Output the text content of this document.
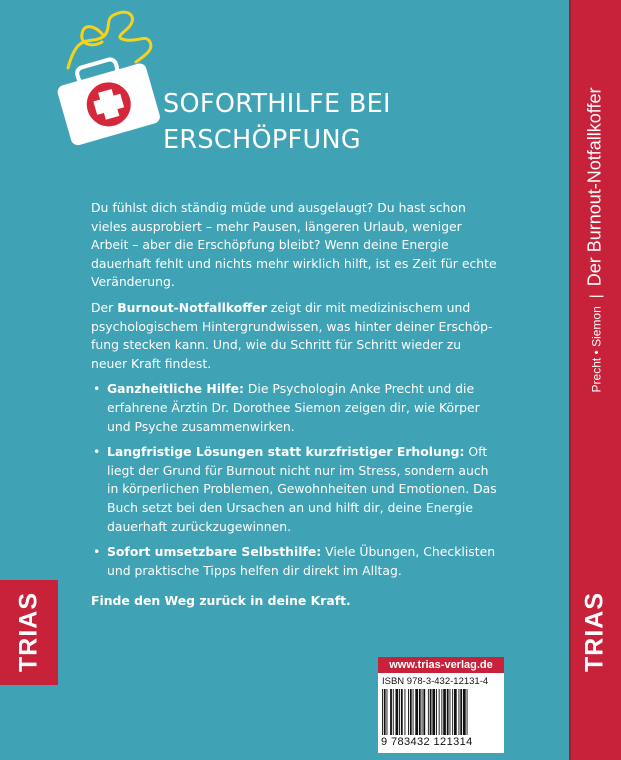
SOFORTHILFE BEI
ERSCHÖPFUNG

Du fühlst dich ständig müde und ausgelaugt? Du hast schon vieles ausprobiert – mehr Pausen, längeren Urlaub, weniger Arbeit – aber die Erschöpfung bleibt? Wenn deine Energie dauerhaft fehlt und nichts mehr wirklich hilft, ist es Zeit für echte Veränderung.

Der Burnout-Notfallkoffer zeigt dir mit medizinischem und psychologischem Hintergrundwissen, was hinter deiner Erschöpfung stecken kann. Und, wie du Schritt für Schritt wieder zu neuer Kraft findest.

• Ganzheitliche Hilfe: Die Psychologin Anke Precht und die erfahrene Ärztin Dr. Dorothee Siemon zeigen dir, wie Körper und Psyche zusammenwirken.
• Langfristige Lösungen statt kurzfristiger Erholung: Oft liegt der Grund für Burnout nicht nur im Stress, sondern auch in körperlichen Problemen, Gewohnheiten und Emotionen. Das Buch setzt bei den Ursachen an und hilft dir, deine Energie dauerhaft zurückzugewinnen.
• Sofort umsetzbare Selbsthilfe: Viele Übungen, Checklisten und praktische Tipps helfen dir direkt im Alltag.

Finde den Weg zurück in deine Kraft.

TRIAS	www.trias-verlag.de
ISBN 978-3-432-12131-4
9 783432 121314
Precht • Siemon|Der Burnout-Notfallkoffer
TRIAS
